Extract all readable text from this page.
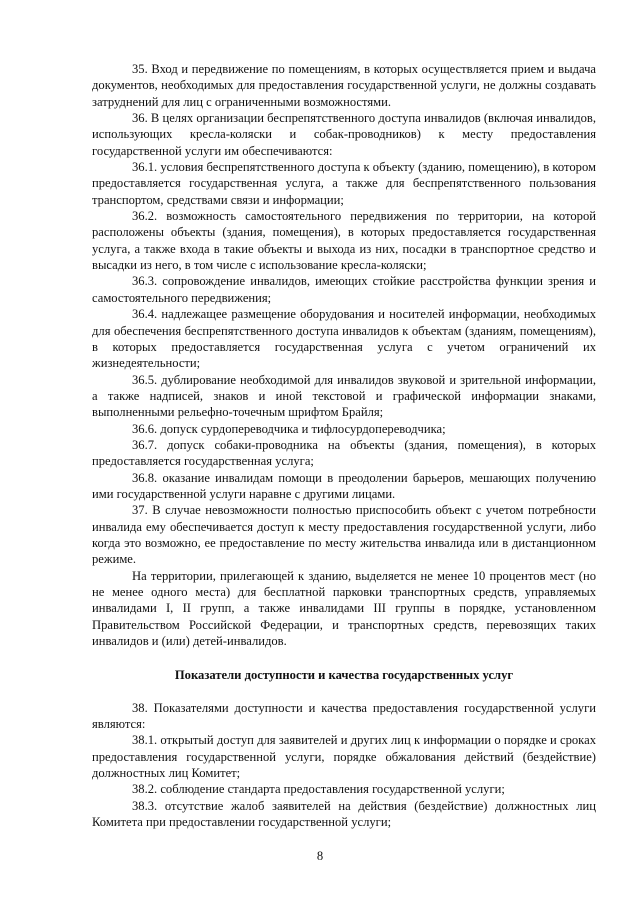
35. Вход и передвижение по помещениям, в которых осуществляется прием и выдача документов, необходимых для предоставления государственной услуги, не должны создавать затруднений для лиц с ограниченными возможностями.

36. В целях организации беспрепятственного доступа инвалидов (включая инвалидов, использующих кресла-коляски и собак-проводников) к месту предоставления государственной услуги им обеспечиваются:

36.1. условия беспрепятственного доступа к объекту (зданию, помещению), в котором предоставляется государственная услуга, а также для беспрепятственного пользования транспортом, средствами связи и информации;

36.2. возможность самостоятельного передвижения по территории, на которой расположены объекты (здания, помещения), в которых предоставляется государственная услуга, а также входа в такие объекты и выхода из них, посадки в транспортное средство и высадки из него, в том числе с использование кресла-коляски;

36.3. сопровождение инвалидов, имеющих стойкие расстройства функции зрения и самостоятельного передвижения;

36.4. надлежащее размещение оборудования и носителей информации, необходимых для обеспечения беспрепятственного доступа инвалидов к объектам (зданиям, помещениям), в которых предоставляется государственная услуга с учетом ограничений их жизнедеятельности;

36.5. дублирование необходимой для инвалидов звуковой и зрительной информации, а также надписей, знаков и иной текстовой и графической информации знаками, выполненными рельефно-точечным шрифтом Брайля;

36.6. допуск сурдопереводчика и тифлосурдопереводчика;

36.7. допуск собаки-проводника на объекты (здания, помещения), в которых предоставляется государственная услуга;

36.8. оказание инвалидам помощи в преодолении барьеров, мешающих получению ими государственной услуги наравне с другими лицами.

37. В случае невозможности полностью приспособить объект с учетом потребности инвалида ему обеспечивается доступ к месту предоставления государственной услуги, либо когда это возможно, ее предоставление по месту жительства инвалида или в дистанционном режиме.

На территории, прилегающей к зданию, выделяется не менее 10 процентов мест (но не менее одного места) для бесплатной парковки транспортных средств, управляемых инвалидами I, II групп, а также инвалидами III группы в порядке, установленном Правительством Российской Федерации, и транспортных средств, перевозящих таких инвалидов и (или) детей-инвалидов.

Показатели доступности и качества государственных услуг

38. Показателями доступности и качества предоставления государственной услуги являются:

38.1. открытый доступ для заявителей и других лиц к информации о порядке и сроках предоставления государственной услуги, порядке обжалования действий (бездействие) должностных лиц Комитет;

38.2. соблюдение стандарта предоставления государственной услуги;

38.3. отсутствие жалоб заявителей на действия (бездействие) должностных лиц Комитета при предоставлении государственной услуги;

8
